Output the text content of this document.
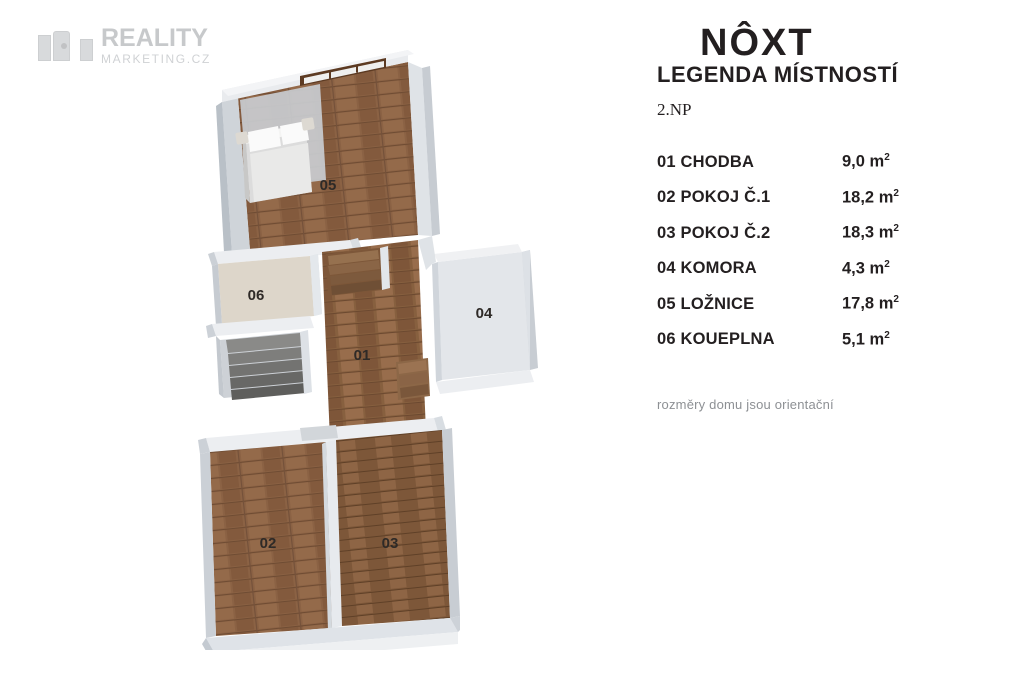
REALITY
MARKETING.CZ	NÔXT
LEGENDA MÍSTNOSTÍ
2.NP
01 CHODBA	9,0 $m^2$
02 POKOJ Č.1	18,2 $m^2$
03 POKOJ Č.2	18,3 $m^2$
04 KOMORA	4,3 $m^2$
05 LOŽNICE	17,8 $m^2$
06 KOUEPLNA	5,1 $m^2$
rozměry domu jsou orientační
05
06
01
04
02	03
